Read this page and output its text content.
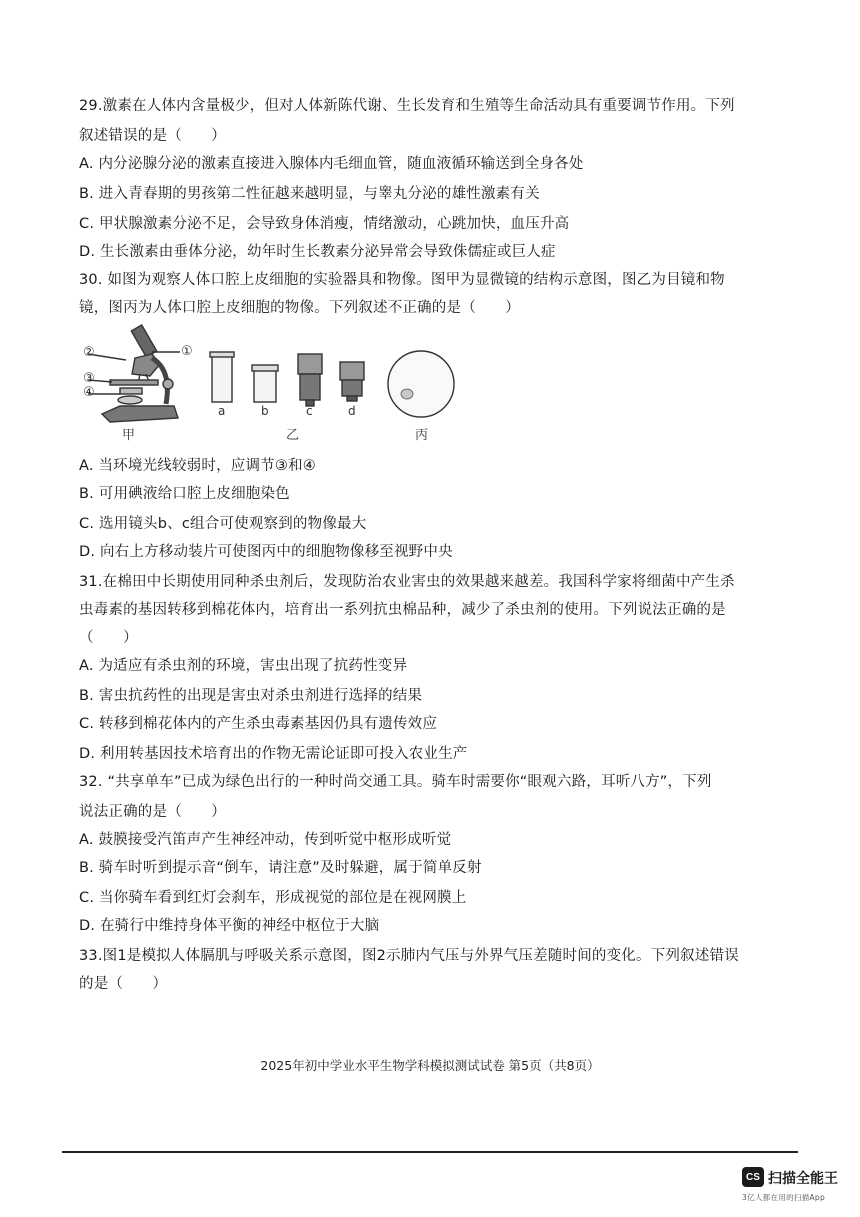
29.激素在人体内含量极少，但对人体新陈代谢、生长发育和生殖等生命活动具有重要调节作用。下列
叙述错误的是（　　）
A. 内分泌腺分泌的激素直接进入腺体内毛细血管，随血液循环输送到全身各处
B. 进入青春期的男孩第二性征越来越明显，与睾丸分泌的雄性激素有关
C. 甲状腺激素分泌不足，会导致身体消瘦，情绪激动，心跳加快，血压升高
D. 生长激素由垂体分泌，幼年时生长教素分泌异常会导致侏儒症或巨人症
30. 如图为观察人体口腔上皮细胞的实验器具和物像。图甲为显微镜的结构示意图，图乙为目镜和物
镜，图丙为人体口腔上皮细胞的物像。下列叙述不正确的是（　　）
A. 当环境光线较弱时，应调节③和④
B. 可用碘液给口腔上皮细胞染色
C. 选用镜头b、c组合可使观察到的物像最大
D. 向右上方移动装片可使图丙中的细胞物像移至视野中央
31.在棉田中长期使用同种杀虫剂后，发现防治农业害虫的效果越来越差。我国科学家将细菌中产生杀
虫毒素的基因转移到棉花体内，培育出一系列抗虫棉品种，减少了杀虫剂的使用。下列说法正确的是
（　　）
A. 为适应有杀虫剂的环境，害虫出现了抗药性变异
B. 害虫抗药性的出现是害虫对杀虫剂进行选择的结果
C. 转移到棉花体内的产生杀虫毒素基因仍具有遗传效应
D. 利用转基因技术培育出的作物无需论证即可投入农业生产
32. “共享单车”已成为绿色出行的一种时尚交通工具。骑车时需要你“眼观六路，耳听八方”，下列
说法正确的是（　　）
A. 鼓膜接受汽笛声产生神经冲动，传到听觉中枢形成听觉
B. 骑车时听到提示音“倒车，请注意”及时躲避，属于简单反射
C. 当你骑车看到红灯会刹车，形成视觉的部位是在视网膜上
D. 在骑行中维持身体平衡的神经中枢位于大脑
33.图1是模拟人体膈肌与呼吸关系示意图，图2示肺内气压与外界气压差随时间的变化。下列叙述错误
的是（　　）
②	①
③
④
a	b	c	d
甲	乙	丙
2025年初中学业水平生物学科模拟测试试卷 第5页（共8页）
CS 扫描全能王
3亿人都在用的扫描App
